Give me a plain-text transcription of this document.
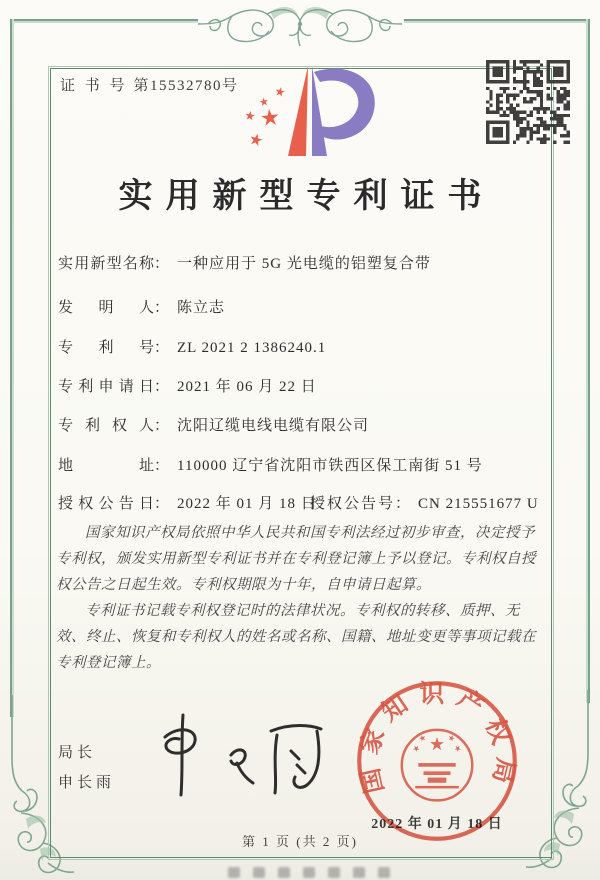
证 书 号 第15532780号
实用新型专利证书
实用新型名称： 一种应用于 5G 光电缆的铝塑复合带
发明人： 陈立志
专利号： ZL 2021 2 1386240.1
专利申请日： 2021 年 06 月 22 日
专利权人： 沈阳辽缆电线电缆有限公司
地址： 110000 辽宁省沈阳市铁西区保工南街 51 号
授权公告日： 2022 年 01 月 18 日
授权公告号： CN 215551677 U

国家知识产权局依照中华人民共和国专利法经过初步审查，决定授予专利权，颁发实用新型专利证书并在专利登记簿上予以登记。专利权自授权公告之日起生效。专利权期限为十年，自申请日起算。

专利证书记载专利权登记时的法律状况。专利权的转移、质押、无效、终止、恢复和专利权人的姓名或名称、国籍、地址变更等事项记载在专利登记簿上。

局长
申长雨
2022 年 01 月 18 日
国家知识产权局
第 1 页 (共 2 页)
